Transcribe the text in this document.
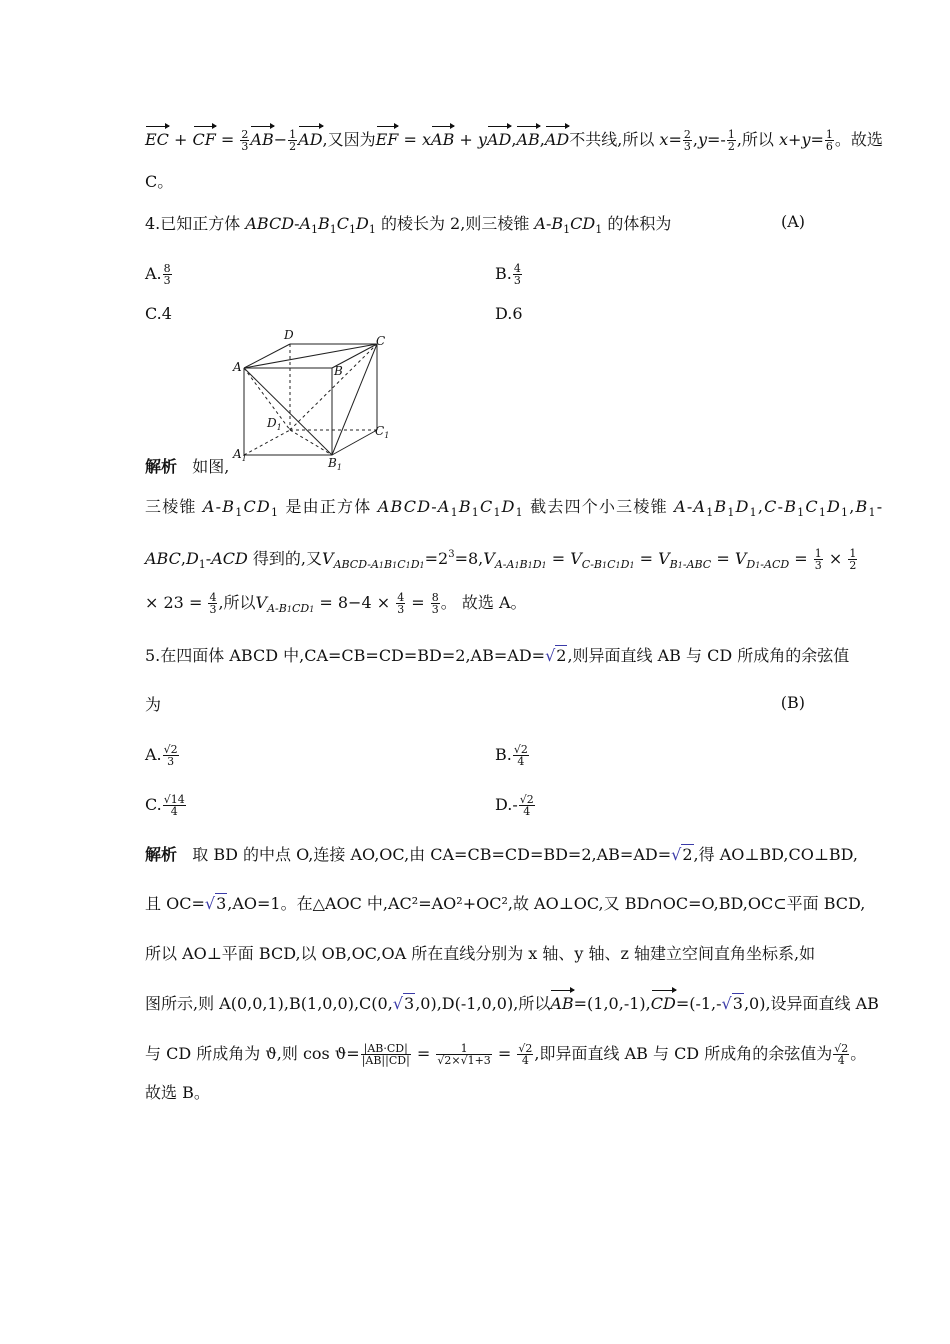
EC + CF = $\frac{2}{3} AB- \frac{1}{2}$ AD,又因为EF = xAB + yAD,AB,AD不共线,所以 $x= \frac{2}{3} ,y=- \frac{1}{2}$ ,所以 $x+y= \frac{1}{6}$ 。故选
C。
4.已知正方体 ABCD-$A_1B_1C_1D_1$ 的棱长为 2,则三棱锥 $A-B_1CD_1$ 的体积为	(A)
A. $\frac{8}{3}$	B. $\frac{4}{3}$
C.4	D.6
D	C
A	B
$D_1$	$C_1$
$A_1$	$B_1$
解析 如图,
三棱锥 $A-B_1CD_1$ 是由正方体 ABCD-$A_1B_1C_1D_1$ 截去四个小三棱锥 $A-A_1B_1D_1,C-B_1C_1D_1,B_1-$
$ABC,D_1$-ACD 得到的,又$V_{ABCD-A1B1C1D1}=2^3=8,V_{A-A1B1D1} = V_{C-B1C1D1} = V_{B1-ABC} = V_{D1-ACD} = \frac{1}{3} \times \frac{1}{2}$
× $23 = \frac{4}{3}$ ,所以$V_{A-B1CD1} = 8-4 \times \frac{4}{3} = \frac{8}{3}$ 。 故选 A。
5.在四面体 ABCD 中,CA=CB=CD=BD=2,AB=AD=√2,则异面直线 AB 与 CD 所成角的余弦值
为	(B)
A. $\frac{√2}{3}$	B. $\frac{√2}{4}$
C. $\frac{√14}{4}$	$D.- \frac{√2}{4}$
解析 取 BD 的中点 O,连接 AO,OC,由 CA=CB=CD=BD=2,AB=AD=√2,得 AO⊥BD,CO⊥BD,
且 OC=√3,AO=1。在△AOC 中,AC²=AO²+OC²,故 AO⊥OC,又 BD∩OC=O,BD,OC⊂平面 BCD,
所以 AO⊥平面 BCD,以 OB,OC,OA 所在直线分别为 x 轴、y 轴、z 轴建立空间直角坐标系,如
图所示,则 A(0,0,1),B(1,0,0),C(0,√3,0),D(-1,0,0),所以AB=(1,0,-1),CD=(-1,-√3,0),设异面直线 AB
与 CD 所成角为 ϑ,则 $\cos ϑ= \frac{|AB\cdot CD|}{|AB||CD|} = \frac{1}{√2\times√1+3} = \frac{√2}{4}$ ,即异面直线 AB 与 CD 所成角的余弦值为 $\frac{√2}{4}$ 。
故选 B。
